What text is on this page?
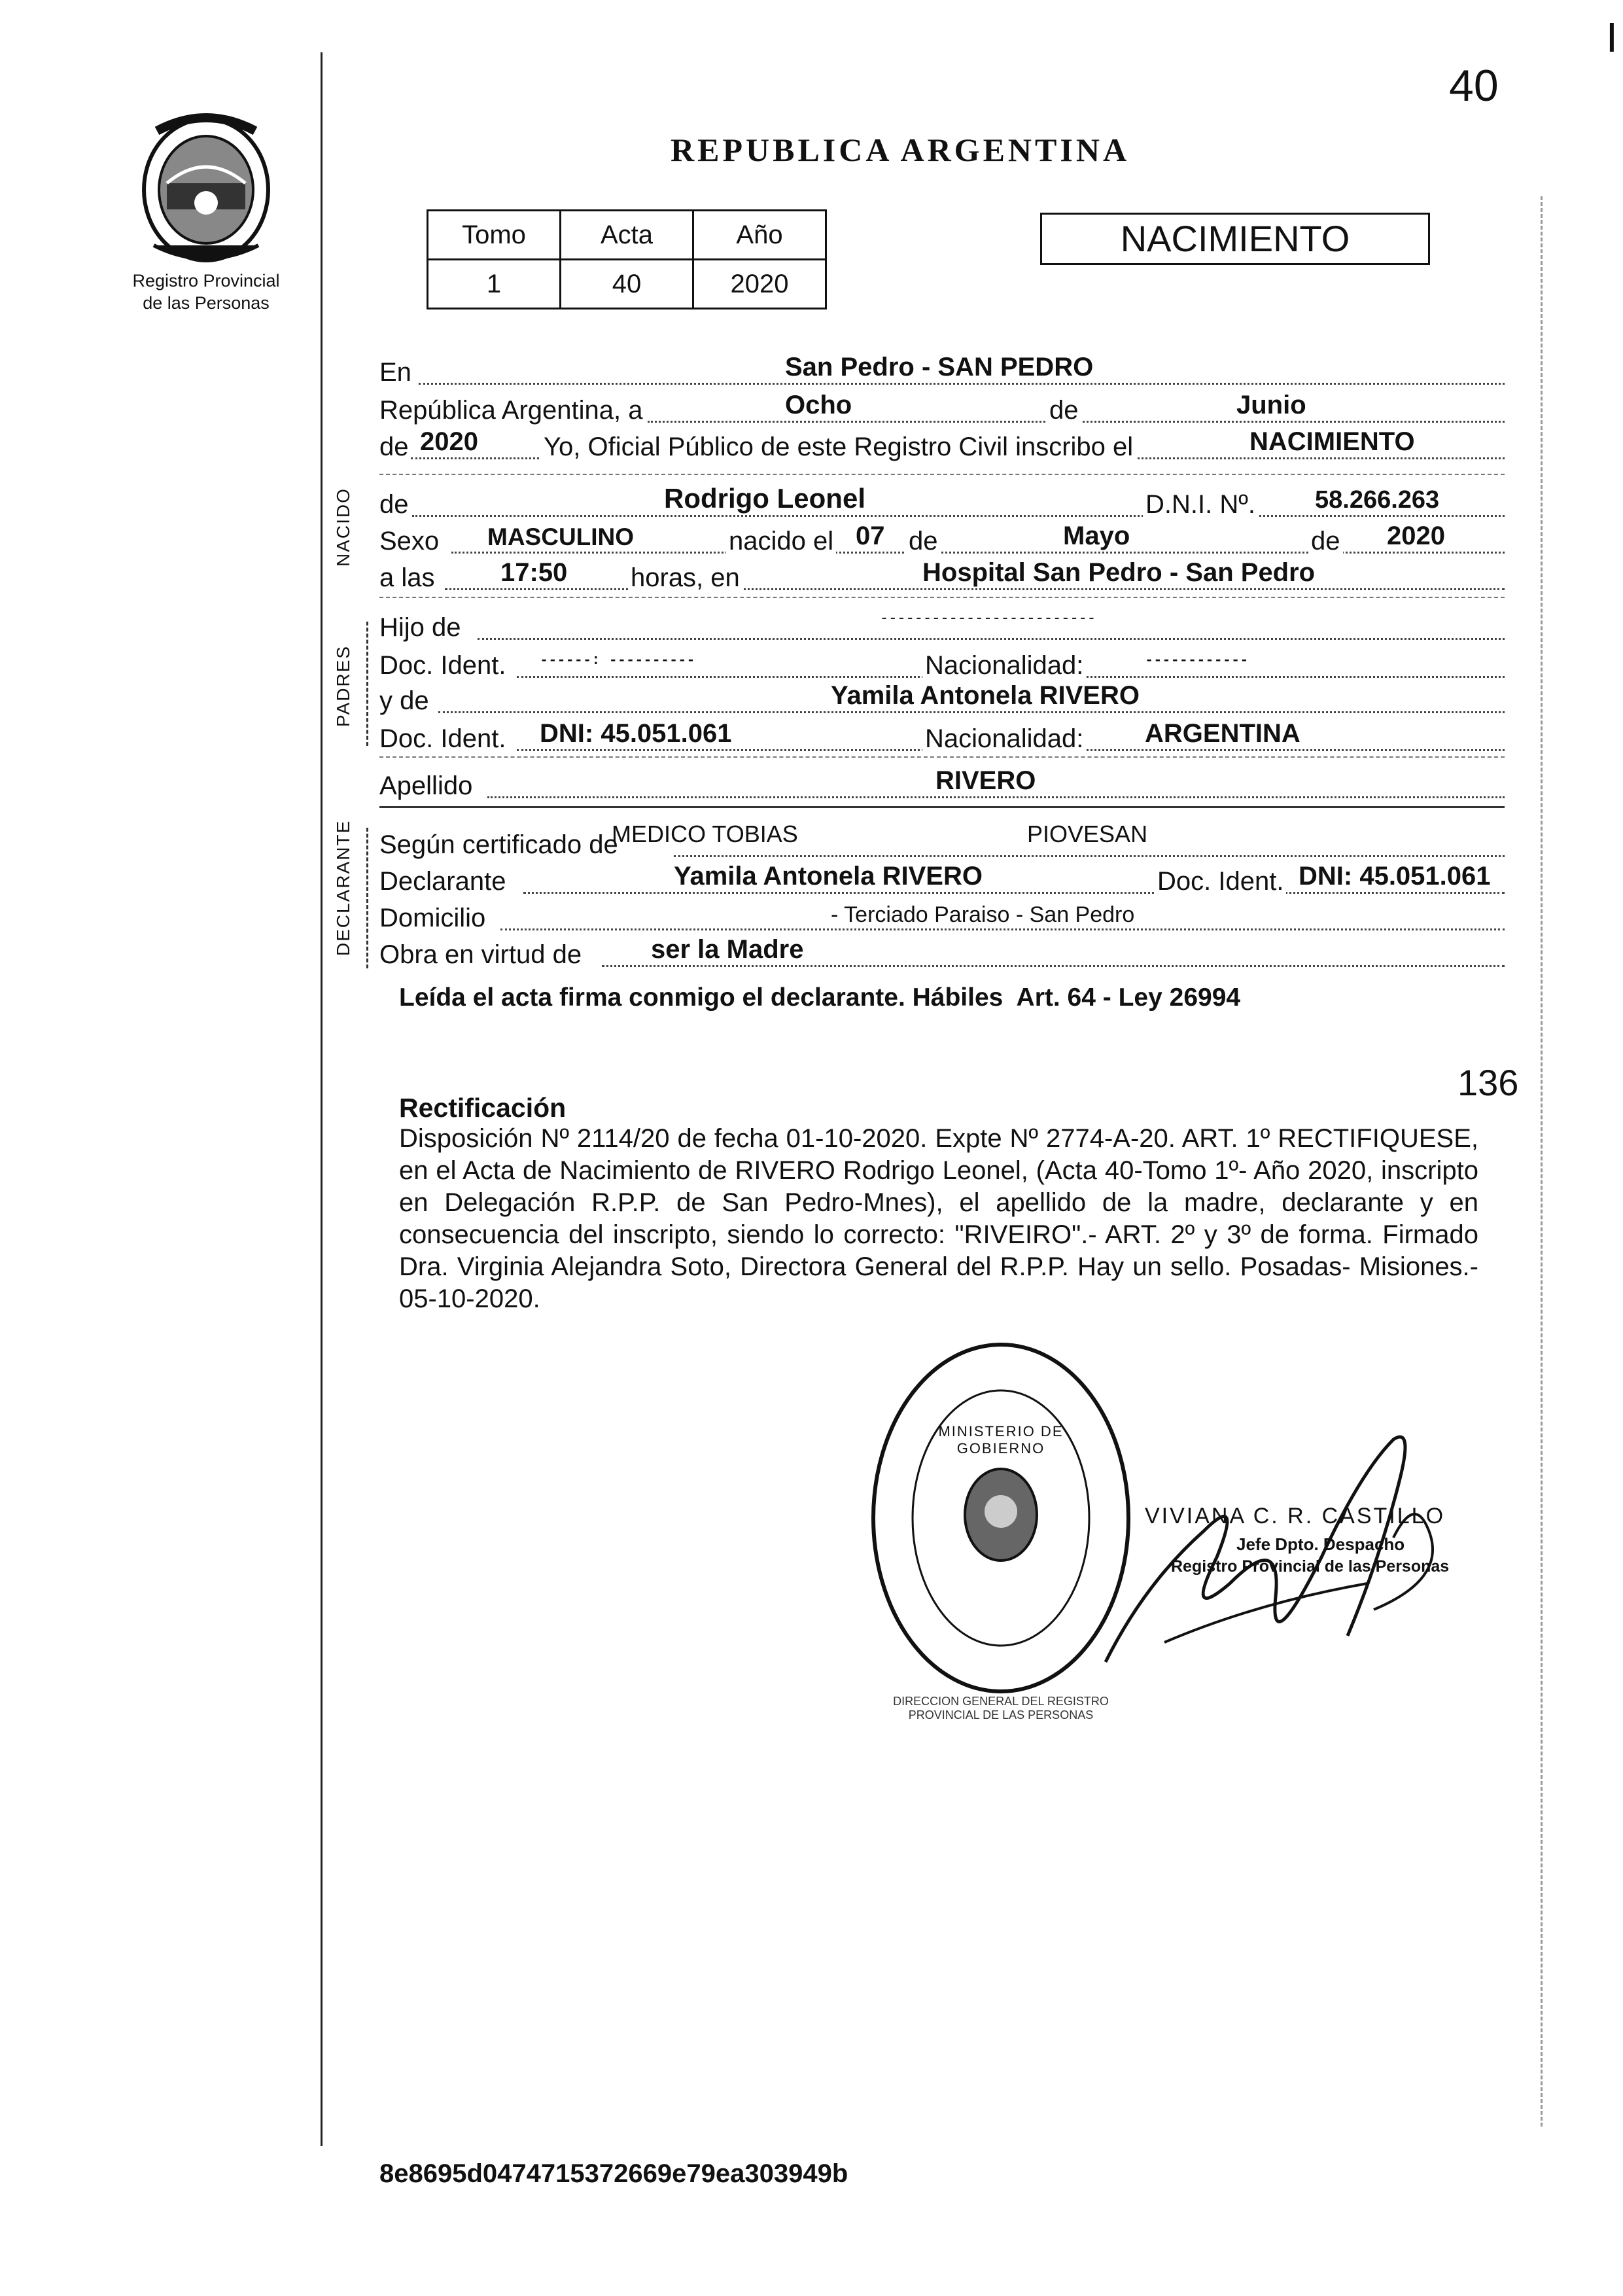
40
I
Registro Provincial
de las Personas
REPUBLICA ARGENTINA
Tomo	Acta	Año
1	40	2020
NACIMIENTO
NACIDO
PADRES
DECLARANTE
En	San Pedro - SAN PEDRO
República Argentina, a	Ocho	de	Junio
de 2020	Yo, Oficial Público de este Registro Civil inscribo el	NACIMIENTO
de	Rodrigo Leonel	D.N.I. Nº. 58.266.263
Sexo MASCULINO	nacido el 07 de	Mayo	de 2020
a las	17:50 horas, en	Hospital San Pedro - San Pedro
Hijo de	-------------------------
Doc. Ident. ------: ----------	Nacionalidad:	------------
y de	Yamila Antonela RIVERO
Doc. Ident. DNI: 45.051.061	Nacionalidad: ARGENTINA
Apellido	RIVERO
Según certificado de
MEDICO TOBIAS	PIOVESAN
Declarante	Yamila Antonela RIVERO	Doc. Ident. DNI: 45.051.061
Domicilio	- Terciado Paraiso - San Pedro
Obra en virtud de	ser la Madre
Leída el acta firma conmigo el declarante. Hábiles  Art. 64 - Ley 26994
136
Rectificación

Disposición Nº 2114/20 de fecha 01-10-2020. Expte Nº 2774-A-20. ART. 1º RECTIFIQUESE, en el Acta de Nacimiento de RIVERO Rodrigo Leonel, (Acta 40-Tomo 1º- Año 2020, inscripto en Delegación R.P.P. de San Pedro-Mnes), el apellido de la madre, declarante y en consecuencia del inscripto, siendo lo correcto: "RIVEIRO".- ART. 2º y 3º de forma. Firmado Dra. Virginia Alejandra Soto, Directora General del R.P.P. Hay un sello. Posadas- Misiones.- 05-10-2020.

DIRECCION GENERAL DEL REGISTRO PROVINCIAL DE LAS PERSONAS
MINISTERIO DE GOBIERNO
VIVIANA C. R. CASTILLO
Jefe Dpto. Despacho
Registro Provincial de las Personas
8e8695d0474715372669e79ea303949b
